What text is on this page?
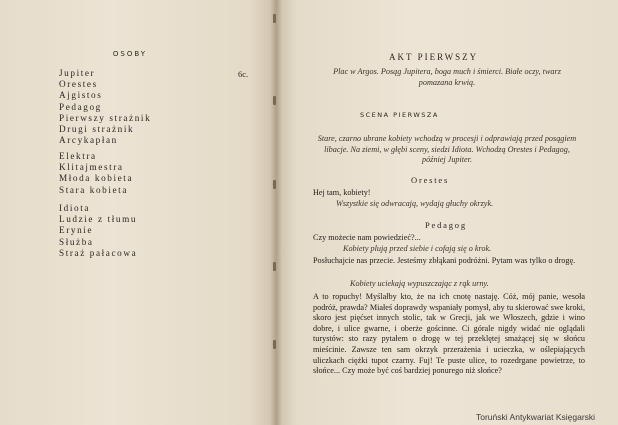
OSOBY
6c.
Jupiter
Orestes
Ajgistos
Pedagog
Pierwszy strażnik
Drugi strażnik
Arcykapłan
Elektra
Klitajmestra
Młoda kobieta
Stara kobieta
Idiota
Ludzie z tłumu
Erynie
Służba
Straż pałacowa
AKT PIERWSZY
Plac w Argos. Posąg Jupitera, boga much i śmierci. Białe oczy, twarz pomazana krwią.
SCENA PIERWSZA
Stare, czarno ubrane kobiety wchodzą w procesji i odprawiają przed posągiem libacje. Na ziemi, w głębi sceny, siedzi Idiota. Wchodzą Orestes i Pedagog, później Jupiter.
Orestes
Hej tam, kobiety!
Wszystkie się odwracają, wydają głuchy okrzyk.
Pedagog
Czy możecie nam powiedzieć?...
Kobiety plują przed siebie i cofają się o krok.
Posłuchajcie nas przecie. Jesteśmy zbłąkani podróżni. Pytam was tylko o drogę.
Kobiety uciekają wypuszczając z rąk urny.
A to ropuchy! Myślałby kto, że na ich cnotę nastaję. Cóż, mój panie, wesoła podróż, prawda? Miałeś doprawdy wspaniały pomysł, aby tu skierować swe kroki, skoro jest pięćset innych stolic, tak w Grecji, jak we Włoszech, gdzie i wino dobre, i ulice gwarne, i oberże gościnne. Ci górale nigdy widać nie oglądali turystów: sto razy pytałem o drogę w tej przeklętej smażącej się w słońcu mieścinie. Zawsze ten sam okrzyk przerażenia i ucieczka, w oślepiających uliczkach ciężki tupot czarny. Fuj! Te puste ulice, to rozedrgane powietrze, to słońce... Czy może być coś bardziej ponurego niż słońce?
Toruński Antykwariat Księgarski
